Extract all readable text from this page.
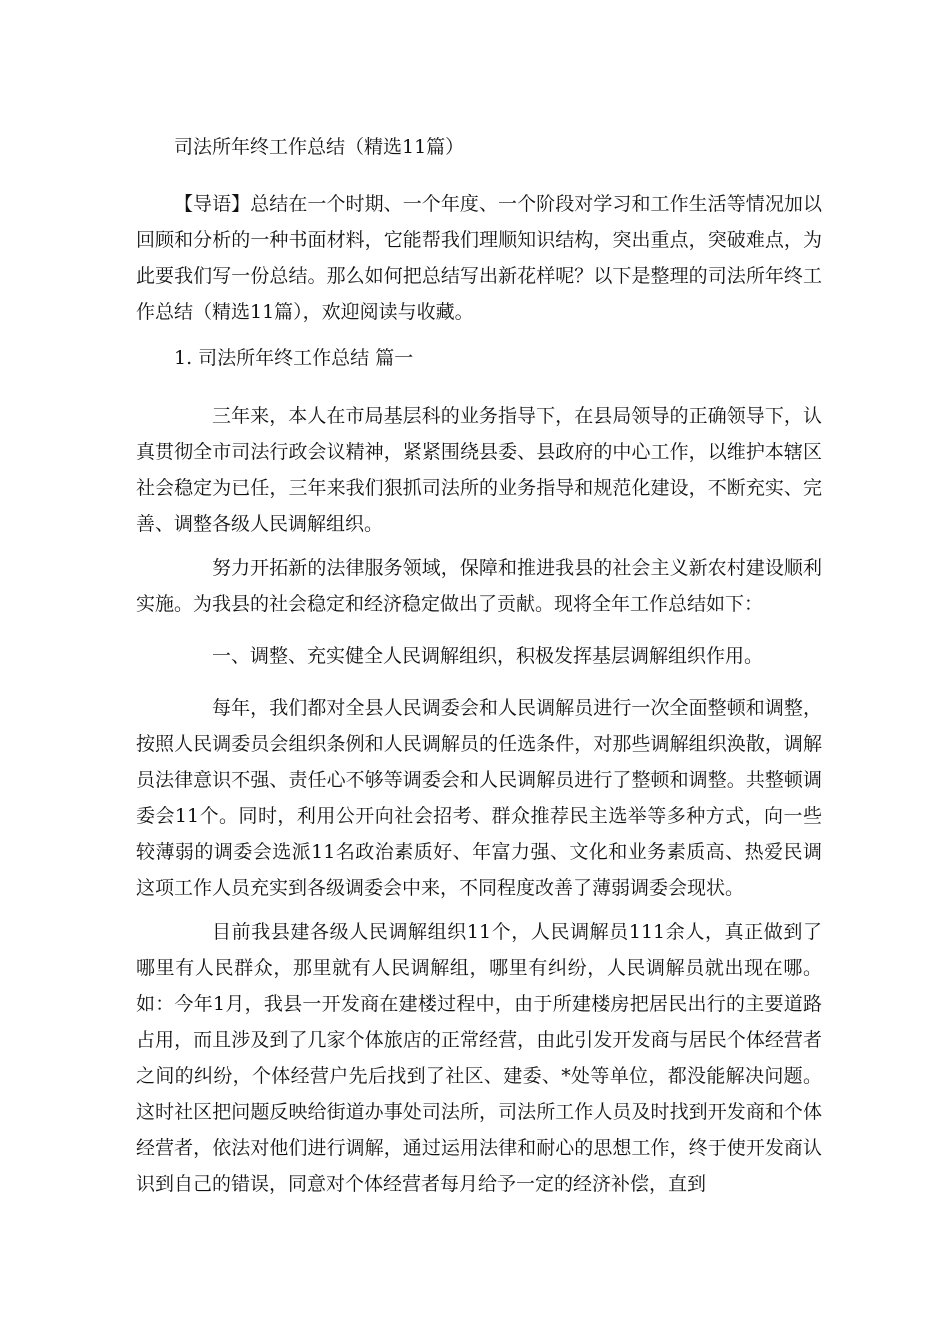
司法所年终工作总结（精选11篇）

【导语】总结在一个时期、一个年度、一个阶段对学习和工作生活等情况加以回顾和分析的一种书面材料，它能帮我们理顺知识结构，突出重点，突破难点，为此要我们写一份总结。那么如何把总结写出新花样呢？以下是整理的司法所年终工作总结（精选11篇），欢迎阅读与收藏。

1. 司法所年终工作总结 篇一

三年来，本人在市局基层科的业务指导下，在县局领导的正确领导下，认真贯彻全市司法行政会议精神，紧紧围绕县委、县政府的中心工作，以维护本辖区社会稳定为已任，三年来我们狠抓司法所的业务指导和规范化建设，不断充实、完善、调整各级人民调解组织。

努力开拓新的法律服务领域，保障和推进我县的社会主义新农村建设顺利实施。为我县的社会稳定和经济稳定做出了贡献。现将全年工作总结如下：

一、调整、充实健全人民调解组织，积极发挥基层调解组织作用。

每年，我们都对全县人民调委会和人民调解员进行一次全面整顿和调整，按照人民调委员会组织条例和人民调解员的任选条件，对那些调解组织涣散，调解员法律意识不强、责任心不够等调委会和人民调解员进行了整顿和调整。共整顿调委会11个。同时，利用公开向社会招考、群众推荐民主选举等多种方式，向一些较薄弱的调委会选派11名政治素质好、年富力强、文化和业务素质高、热爱民调这项工作人员充实到各级调委会中来，不同程度改善了薄弱调委会现状。

目前我县建各级人民调解组织11个，人民调解员111余人，真正做到了哪里有人民群众，那里就有人民调解组，哪里有纠纷，人民调解员就出现在哪。如：今年1月，我县一开发商在建楼过程中，由于所建楼房把居民出行的主要道路占用，而且涉及到了几家个体旅店的正常经营，由此引发开发商与居民个体经营者之间的纠纷，个体经营户先后找到了社区、建委、*处等单位，都没能解决问题。这时社区把问题反映给街道办事处司法所，司法所工作人员及时找到开发商和个体经营者，依法对他们进行调解，通过运用法律和耐心的思想工作，终于使开发商认识到自己的错误，同意对个体经营者每月给予一定的经济补偿，直到
